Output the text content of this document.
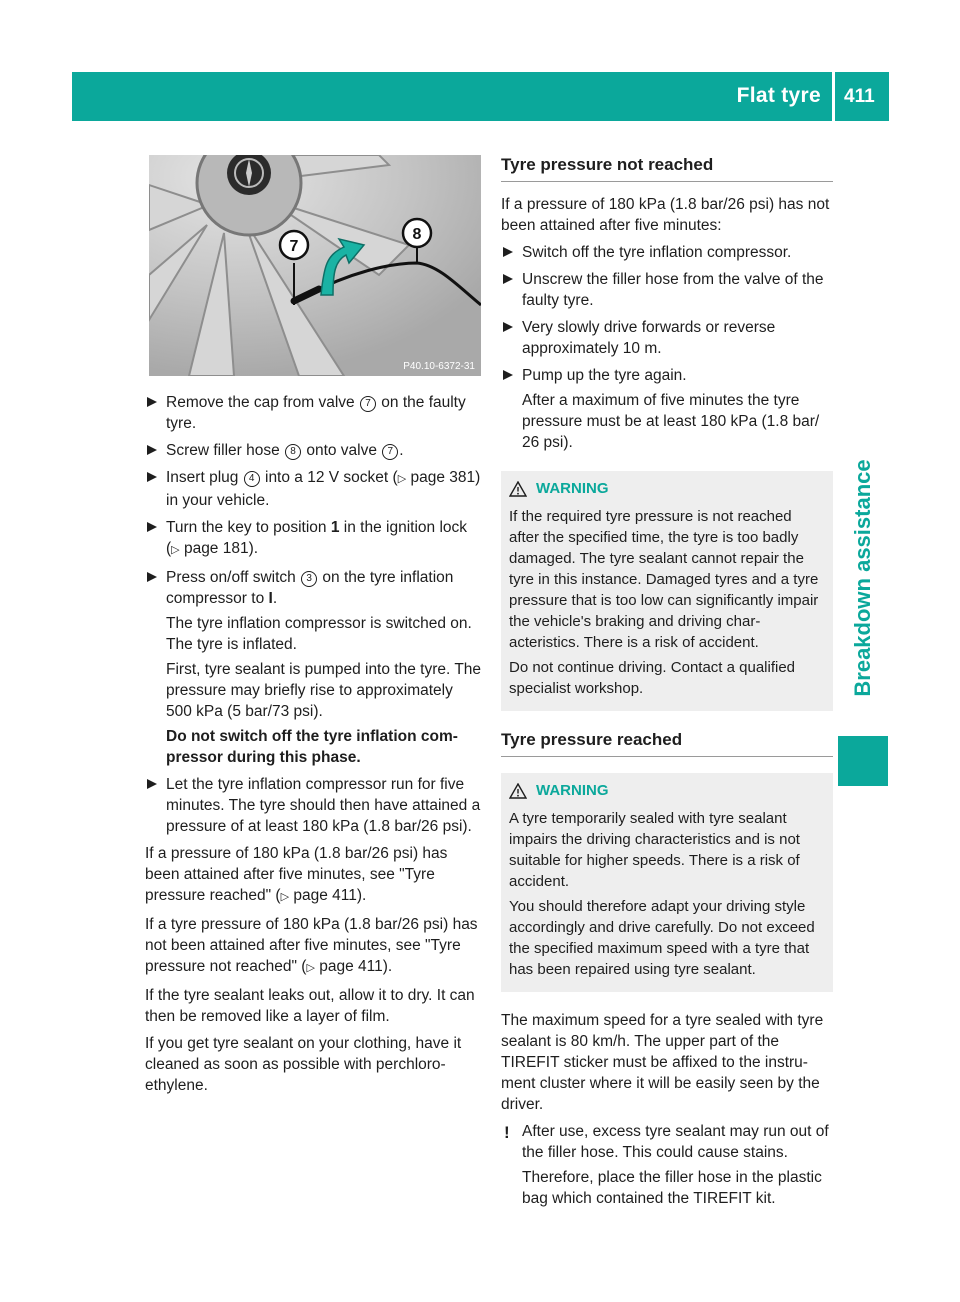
Flat tyre 411
Breakdown assistance
7
8
P40.10-6372-31

Remove the cap from valve 7 on the faulty tyre.

Screw filler hose 8 onto valve 7 .

Insert plug 4 into a 12 V socket (▷ page 381) in your vehicle.

Turn the key to position 1 in the ignition lock (▷ page 181).

Press on/off switch 3 on the tyre inflation compressor to I.

The tyre inflation compressor is switched on. The tyre is inflated.

First, tyre sealant is pumped into the tyre. The pressure may briefly rise to approximately 500 kPa (5 bar/73 psi).

Do not switch off the tyre inflation compressor during this phase.

Let the tyre inflation compressor run for five minutes. The tyre should then have attained a pressure of at least 180 kPa (1.8 bar/26 psi).

If a pressure of 180 kPa (1.8 bar/26 psi) has been attained after five minutes, see "Tyre pressure reached" (▷ page 411).

If a tyre pressure of 180 kPa (1.8 bar/26 psi) has not been attained after five minutes, see "Tyre pressure not reached" (▷ page 411).

If the tyre sealant leaks out, allow it to dry. It can then be removed like a layer of film.

If you get tyre sealant on your clothing, have it cleaned as soon as possible with perchloroethylene.

Tyre pressure not reached

If a pressure of 180 kPa (1.8 bar/26 psi) has not been attained after five minutes:

Switch off the tyre inflation compressor.

Unscrew the filler hose from the valve of the faulty tyre.

Very slowly drive forwards or reverse approximately 10 m.

Pump up the tyre again.

After a maximum of five minutes the tyre pressure must be at least 180 kPa (1.8 bar/ 26 psi).

WARNING

If the required tyre pressure is not reached after the specified time, the tyre is too badly damaged. The tyre sealant cannot repair the tyre in this instance. Damaged tyres and a tyre pressure that is too low can significantly impair the vehicle's braking and driving characteristics. There is a risk of accident.

Do not continue driving. Contact a qualified specialist workshop.

Tyre pressure reached
WARNING

A tyre temporarily sealed with tyre sealant impairs the driving characteristics and is not suitable for higher speeds. There is a risk of accident.

You should therefore adapt your driving style accordingly and drive carefully. Do not exceed the specified maximum speed with a tyre that has been repaired using tyre sealant.

The maximum speed for a tyre sealed with tyre sealant is 80 km/h. The upper part of the TIREFIT sticker must be affixed to the instrument cluster where it will be easily seen by the driver.

! After use, excess tyre sealant may run out of the filler hose. This could cause stains.

Therefore, place the filler hose in the plastic bag which contained the TIREFIT kit.
